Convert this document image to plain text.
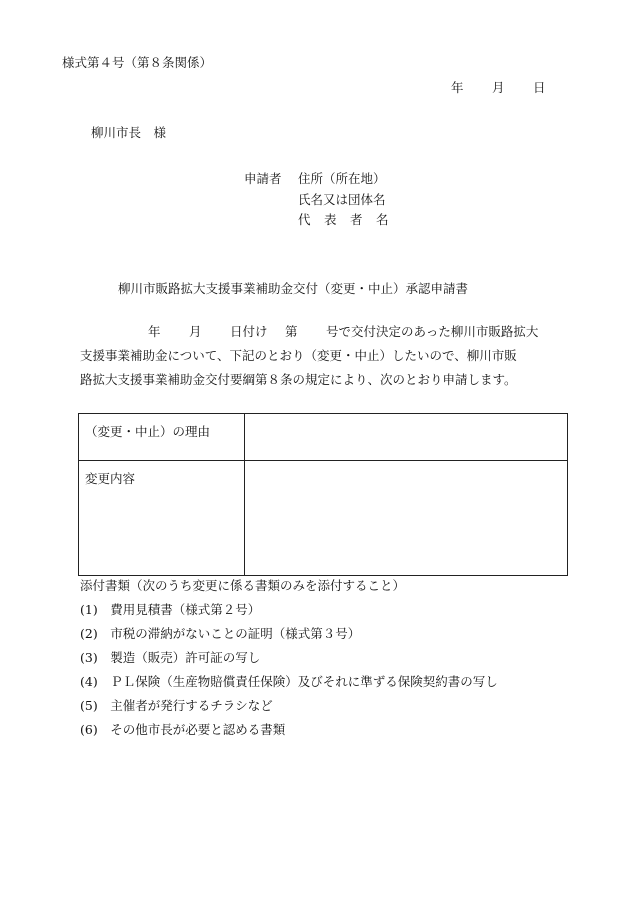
様式第４号（第８条関係）
年 月 日
柳川市長　様
申請者 住所（所在地）
氏名又は団体名
代　表　者　名
柳川市販路拡大支援事業補助金交付（変更・中止）承認申請書
年 月 日付け 第 号で交付決定のあった柳川市販路拡大
支援事業補助金について、下記のとおり（変更・中止）したいので、柳川市販
路拡大支援事業補助金交付要綱第８条の規定により、次のとおり申請します。
（変更・中止）の理由	

変更内容	

添付書類（次のうち変更に係る書類のみを添付すること）
(1)　費用見積書（様式第２号）
(2)　市税の滞納がないことの証明（様式第３号）
(3)　製造（販売）許可証の写し
(4)　ＰＬ保険（生産物賠償責任保険）及びそれに準ずる保険契約書の写し
(5)　主催者が発行するチラシなど
(6)　その他市長が必要と認める書類
